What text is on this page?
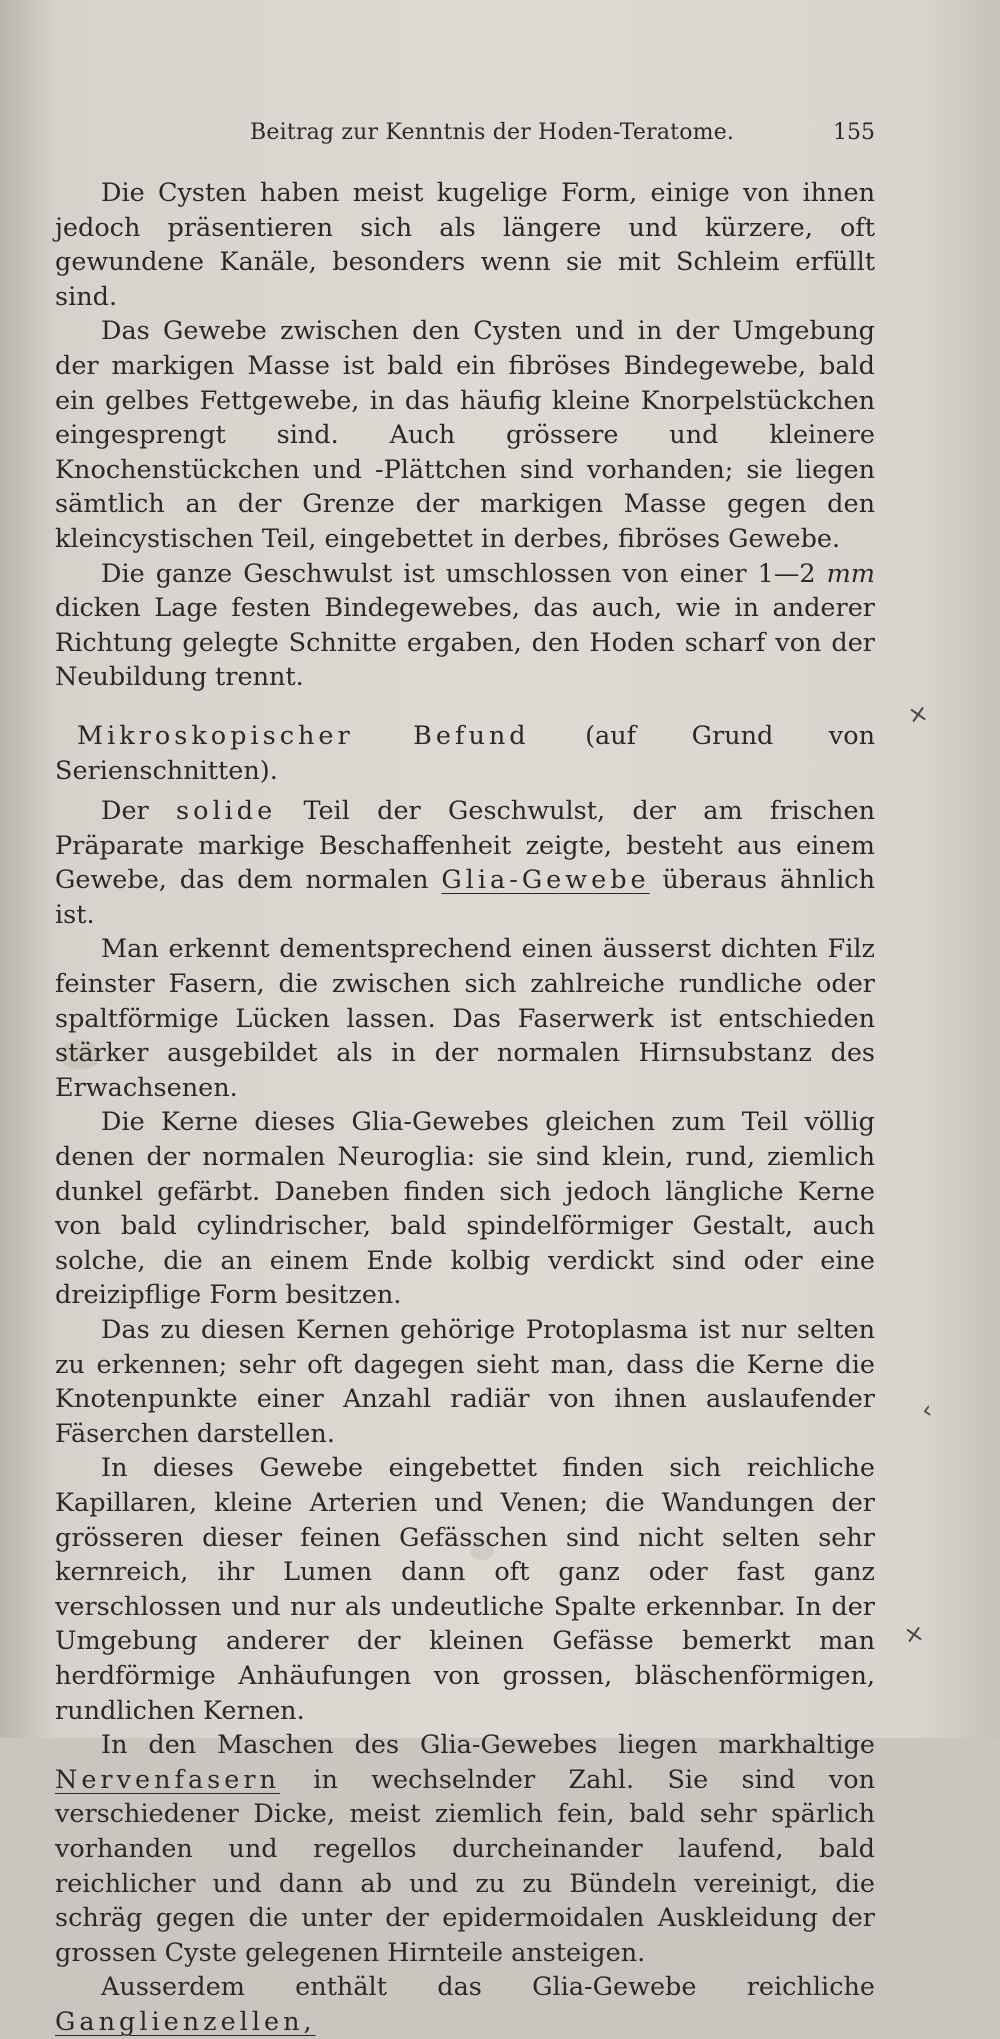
Beitrag zur Kenntnis der Hoden-Teratome.	155

Die Cysten haben meist kugelige Form, einige von ihnen jedoch präsentieren sich als längere und kürzere, oft gewundene Kanäle, besonders wenn sie mit Schleim erfüllt sind.

Das Gewebe zwischen den Cysten und in der Umgebung der markigen Masse ist bald ein fibröses Bindegewebe, bald ein gelbes Fettgewebe, in das häufig kleine Knorpelstückchen eingesprengt sind. Auch grössere und kleinere Knochenstückchen und -Plättchen sind vorhanden; sie liegen sämtlich an der Grenze der markigen Masse gegen den kleincystischen Teil, eingebettet in derbes, fibröses Gewebe.

Die ganze Geschwulst ist umschlossen von einer 1—2 mm dicken Lage festen Bindegewebes, das auch, wie in anderer Richtung gelegte Schnitte ergaben, den Hoden scharf von der Neubildung trennt.

Mikroskopischer Befund (auf Grund von Serienschnitten).

Der solide Teil der Geschwulst, der am frischen Präparate markige Beschaffenheit zeigte, besteht aus einem Gewebe, das dem normalen Glia-Gewebe überaus ähnlich ist.

Man erkennt dementsprechend einen äusserst dichten Filz feinster Fasern, die zwischen sich zahlreiche rundliche oder spaltförmige Lücken lassen. Das Faserwerk ist entschieden stärker ausgebildet als in der normalen Hirnsubstanz des Erwachsenen.

Die Kerne dieses Glia-Gewebes gleichen zum Teil völlig denen der normalen Neuroglia: sie sind klein, rund, ziemlich dunkel gefärbt. Daneben finden sich jedoch längliche Kerne von bald cylindrischer, bald spindelförmiger Gestalt, auch solche, die an einem Ende kolbig verdickt sind oder eine dreizipflige Form besitzen.

Das zu diesen Kernen gehörige Protoplasma ist nur selten zu erkennen; sehr oft dagegen sieht man, dass die Kerne die Knotenpunkte einer Anzahl radiär von ihnen auslaufender Fäserchen darstellen.

In dieses Gewebe eingebettet finden sich reichliche Kapillaren, kleine Arterien und Venen; die Wandungen der grösseren dieser feinen Gefässchen sind nicht selten sehr kernreich, ihr Lumen dann oft ganz oder fast ganz verschlossen und nur als undeutliche Spalte erkennbar. In der Umgebung anderer der kleinen Gefässe bemerkt man herdförmige Anhäufungen von grossen, bläschenförmigen, rundlichen Kernen.

In den Maschen des Glia-Gewebes liegen markhaltige Nervenfasern in wechselnder Zahl. Sie sind von verschiedener Dicke, meist ziemlich fein, bald sehr spärlich vorhanden und regellos durcheinander laufend, bald reichlicher und dann ab und zu zu Bündeln vereinigt, die schräg gegen die unter der epidermoidalen Auskleidung der grossen Cyste gelegenen Hirnteile ansteigen.

Ausserdem enthält das Glia-Gewebe reichliche Ganglienzellen,

×
‹
×
